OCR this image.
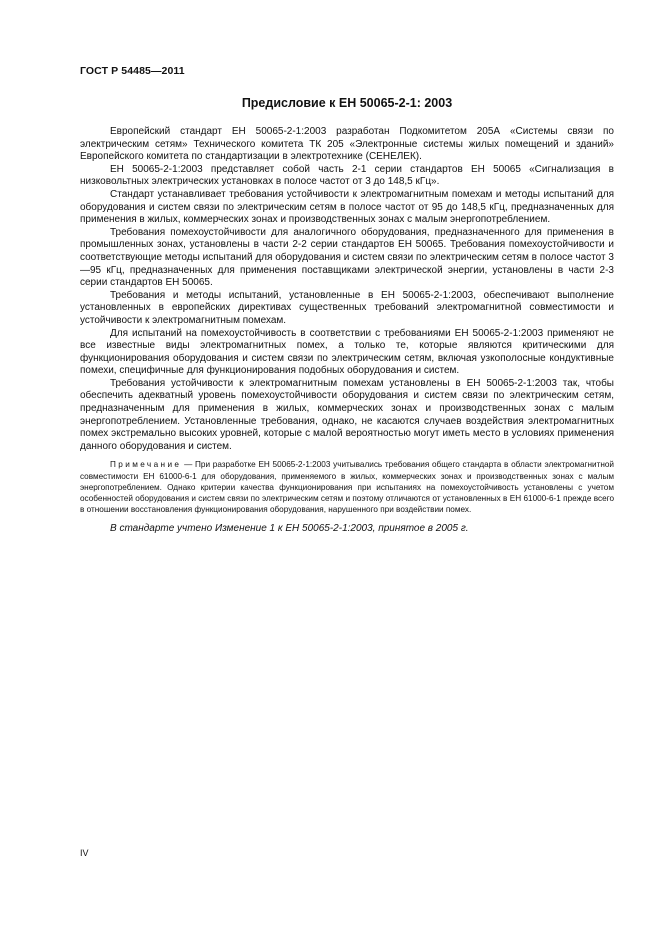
ГОСТ Р 54485—2011
Предисловие к ЕН 50065-2-1: 2003

Европейский стандарт ЕН 50065-2-1:2003 разработан Подкомитетом 205А «Системы связи по электрическим сетям» Технического комитета ТК 205 «Электронные системы жилых помещений и зданий» Европейского комитета по стандартизации в электротехнике (СЕНЕЛЕК).

ЕН 50065-2-1:2003 представляет собой часть 2-1 серии стандартов ЕН 50065 «Сигнализация в низковольтных электрических установках в полосе частот от 3 до 148,5 кГц».

Стандарт устанавливает требования устойчивости к электромагнитным помехам и методы испытаний для оборудования и систем связи по электрическим сетям в полосе частот от 95 до 148,5 кГц, предназначенных для применения в жилых, коммерческих зонах и производственных зонах с малым энергопотреблением.

Требования помехоустойчивости для аналогичного оборудования, предназначенного для применения в промышленных зонах, установлены в части 2-2 серии стандартов ЕН 50065. Требования помехоустойчивости и соответствующие методы испытаний для оборудования и систем связи по электрическим сетям в полосе частот 3—95 кГц, предназначенных для применения поставщиками электрической энергии, установлены в части 2-3 серии стандартов ЕН 50065.

Требования и методы испытаний, установленные в ЕН 50065-2-1:2003, обеспечивают выполнение установленных в европейских директивах существенных требований электромагнитной совместимости и устойчивости к электромагнитным помехам.

Для испытаний на помехоустойчивость в соответствии с требованиями ЕН 50065-2-1:2003 применяют не все известные виды электромагнитных помех, а только те, которые являются критическими для функционирования оборудования и систем связи по электрическим сетям, включая узкополосные кондуктивные помехи, специфичные для функционирования подобных оборудования и систем.

Требования устойчивости к электромагнитным помехам установлены в ЕН 50065-2-1:2003 так, чтобы обеспечить адекватный уровень помехоустойчивости оборудования и систем связи по электрическим сетям, предназначенным для применения в жилых, коммерческих зонах и производственных зонах с малым энергопотреблением. Установленные требования, однако, не касаются случаев воздействия электромагнитных помех экстремально высоких уровней, которые с малой вероятностью могут иметь место в условиях применения данного оборудования и систем.

Примечание — При разработке ЕН 50065-2-1:2003 учитывались требования общего стандарта в области электромагнитной совместимости ЕН 61000-6-1 для оборудования, применяемого в жилых, коммерческих зонах и производственных зонах с малым энергопотреблением. Однако критерии качества функционирования при испытаниях на помехоустойчивость установлены с учетом особенностей оборудования и систем связи по электрическим сетям и поэтому отличаются от установленных в ЕН 61000-6-1 прежде всего в отношении восстановления функционирования оборудования, нарушенного при воздействии помех.

В стандарте учтено Изменение 1 к ЕН 50065-2-1:2003, принятое в 2005 г.

IV
